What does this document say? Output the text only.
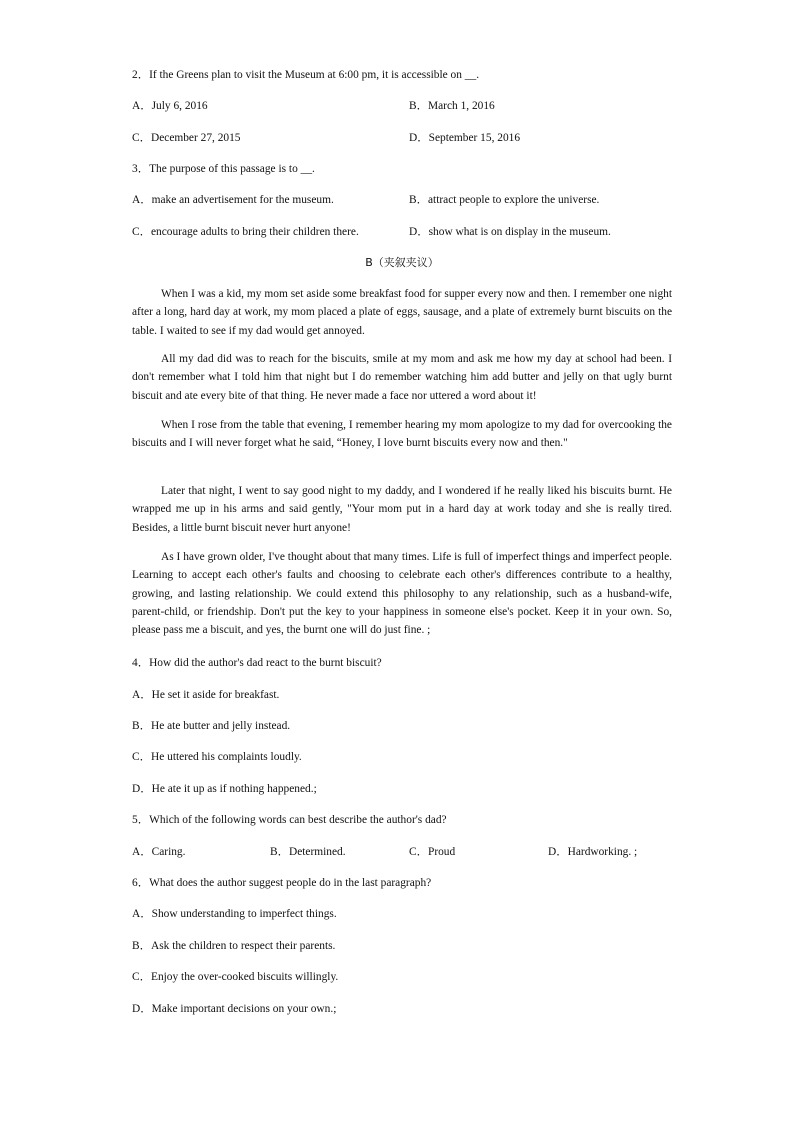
2．If the Greens plan to visit the Museum at 6:00 pm, it is accessible on __.
A．July 6, 2016	B．March 1, 2016
C．December 27, 2015	D．September 15, 2016
3．The purpose of this passage is to __.
A．make an advertisement for the museum.	B．attract people to explore the universe.
C．encourage adults to bring their children there.	D．show what is on display in the museum.
B（夹叙夹议）
When I was a kid, my mom set aside some breakfast food for supper every now and then. I remember one night after a long, hard day at work, my mom placed a plate of eggs, sausage, and a plate of extremely burnt biscuits on the table. I waited to see if my dad would get annoyed.
All my dad did was to reach for the biscuits, smile at my mom and ask me how my day at school had been. I don't remember what I told him that night but I do remember watching him add butter and jelly on that ugly burnt biscuit and ate every bite of that thing. He never made a face nor uttered a word about it!
When I rose from the table that evening, I remember hearing my mom apologize to my dad for overcooking the biscuits and I will never forget what he said, “Honey, I love burnt biscuits every now and then."
Later that night, I went to say good night to my daddy, and I wondered if he really liked his biscuits burnt. He wrapped me up in his arms and said gently, "Your mom put in a hard day at work today and she is really tired. Besides, a little burnt biscuit never hurt anyone!
As I have grown older, I've thought about that many times. Life is full of imperfect things and imperfect people. Learning to accept each other's faults and choosing to celebrate each other's differences contribute to a healthy, growing, and lasting relationship. We could extend this philosophy to any relationship, such as a husband-wife, parent-child, or friendship. Don't put the key to your happiness in someone else's pocket. Keep it in your own. So, please pass me a biscuit, and yes, the burnt one will do just fine. ;
4．How did the author's dad react to the burnt biscuit?
A．He set it aside for breakfast.
B．He ate butter and jelly instead.
C．He uttered his complaints loudly.
D．He ate it up as if nothing happened.;
5．Which of the following words can best describe the author's dad?
A．Caring.	B．Determined.	C．Proud	D．Hardworking. ;
6．What does the author suggest people do in the last paragraph?
A．Show understanding to imperfect things.
B．Ask the children to respect their parents.
C．Enjoy the over-cooked biscuits willingly.
D．Make important decisions on your own.;
